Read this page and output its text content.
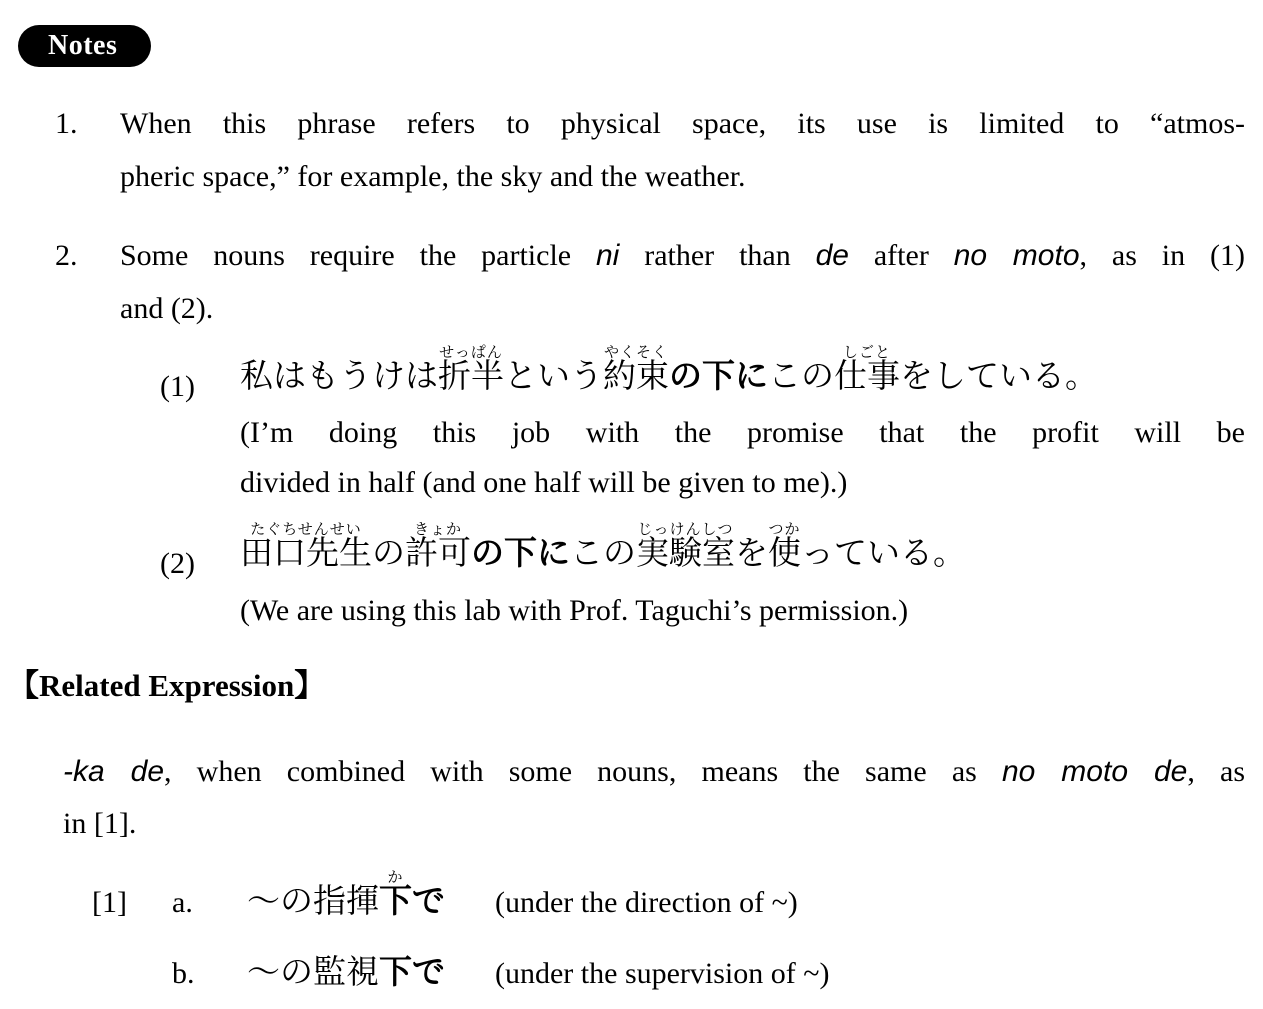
Notes
1.	When this phrase refers to physical space, its use is limited to “atmos-
pheric space,” for example, the sky and the weather.
2.	Some nouns require the particle ni rather than de after no moto, as in (1)
and (2).
(1)	私はもうけは折半せっぱんという約束やくそくの下にこの仕事しごとをしている。
(I’m doing this job with the promise that the profit will be
divided in half (and one half will be given to me).)
(2)	田口先生たぐちせんせいの許可きょかの下にこの実験室じっけんしつを使つかっている。
(We are using this lab with Prof. Taguchi’s permission.)
【Related Expression】
-ka de, when combined with some nouns, means the same as no moto de, as
in [1].
[1]	a.	～の指揮下かで (under the direction of ~)
b.	～の監視下で (under the supervision of ~)
